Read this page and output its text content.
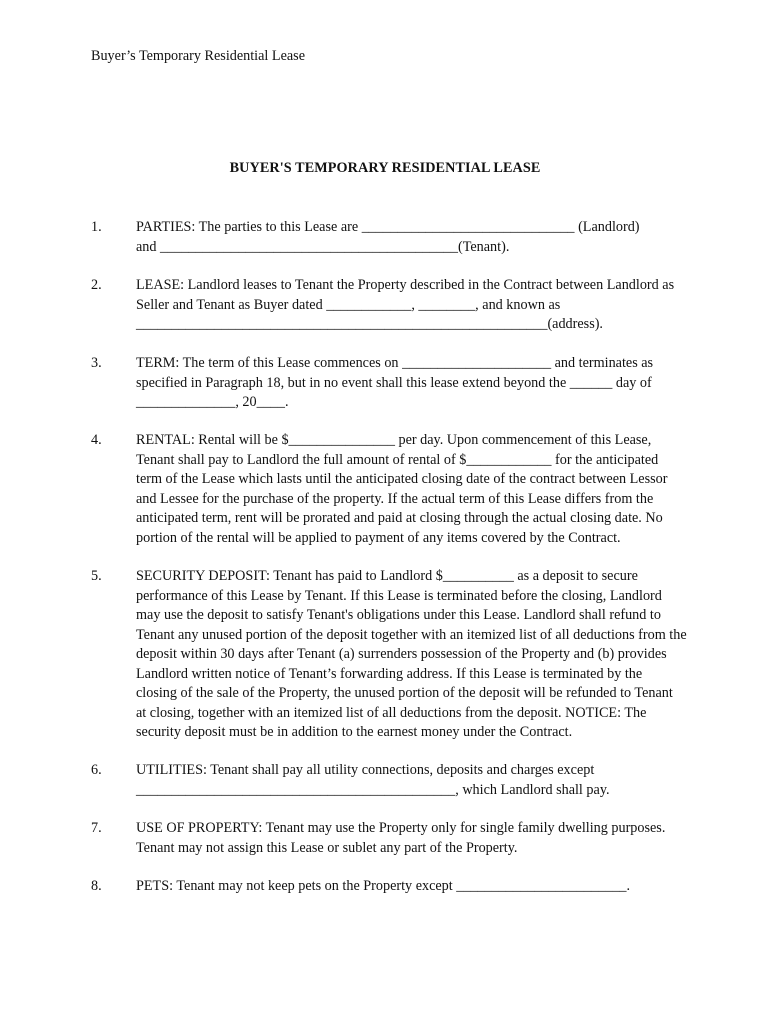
Buyer’s Temporary Residential Lease
BUYER'S TEMPORARY RESIDENTIAL LEASE
1. PARTIES: The parties to this Lease are ______________________________ (Landlord)
and __________________________________________(Tenant).
2. LEASE: Landlord leases to Tenant the Property described in the Contract between Landlord as
Seller and Tenant as Buyer dated ____________, ________, and known as
__________________________________________________________(address).
3. TERM: The term of this Lease commences on _____________________ and terminates as
specified in Paragraph 18, but in no event shall this lease extend beyond the ______ day of
______________, 20____.
4. RENTAL: Rental will be $_______________ per day. Upon commencement of this Lease,
Tenant shall pay to Landlord the full amount of rental of $____________ for the anticipated
term of the Lease which lasts until the anticipated closing date of the contract between Lessor
and Lessee for the purchase of the property. If the actual term of this Lease differs from the
anticipated term, rent will be prorated and paid at closing through the actual closing date. No
portion of the rental will be applied to payment of any items covered by the Contract.
5. SECURITY DEPOSIT: Tenant has paid to Landlord $__________ as a deposit to secure
performance of this Lease by Tenant. If this Lease is terminated before the closing, Landlord
may use the deposit to satisfy Tenant's obligations under this Lease. Landlord shall refund to
Tenant any unused portion of the deposit together with an itemized list of all deductions from the
deposit within 30 days after Tenant (a) surrenders possession of the Property and (b) provides
Landlord written notice of Tenant’s forwarding address. If this Lease is terminated by the
closing of the sale of the Property, the unused portion of the deposit will be refunded to Tenant
at closing, together with an itemized list of all deductions from the deposit. NOTICE: The
security deposit must be in addition to the earnest money under the Contract.
6. UTILITIES: Tenant shall pay all utility connections, deposits and charges except
_____________________________________________, which Landlord shall pay.
7. USE OF PROPERTY: Tenant may use the Property only for single family dwelling purposes.
Tenant may not assign this Lease or sublet any part of the Property.
8. PETS: Tenant may not keep pets on the Property except ________________________.
